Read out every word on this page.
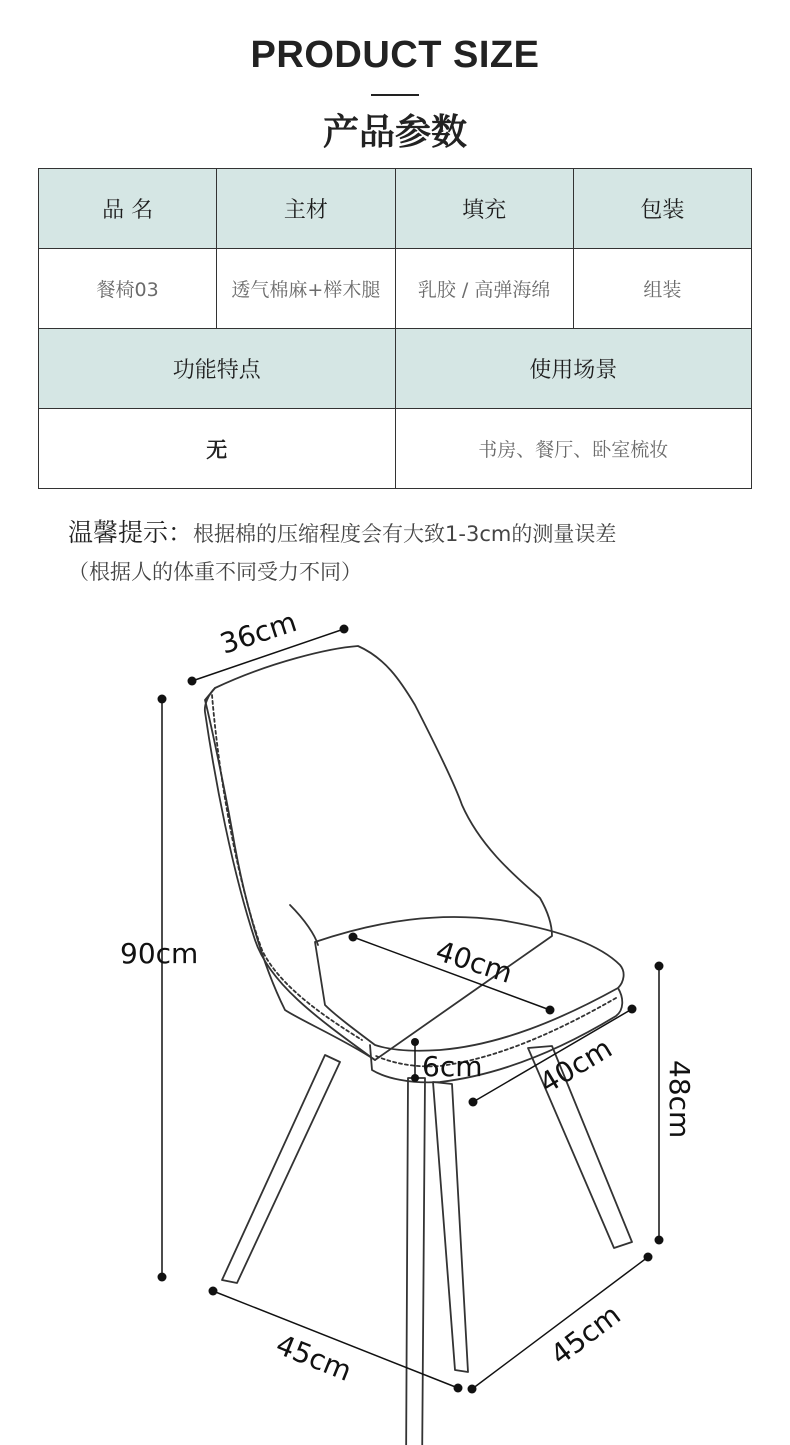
PRODUCT SIZE
产品参数
品 名	主材	填充	包装
餐椅03	透气棉麻+榉木腿	乳胶 / 高弹海绵	组装
功能特点		使用场景	
无		书房、餐厅、卧室梳妆	
温馨提示：根据棉的压缩程度会有大致1-3cm的测量误差
（根据人的体重不同受力不同）
36cm
90cm	40cm
6cm 40cm 48cm
45cm	45cm
